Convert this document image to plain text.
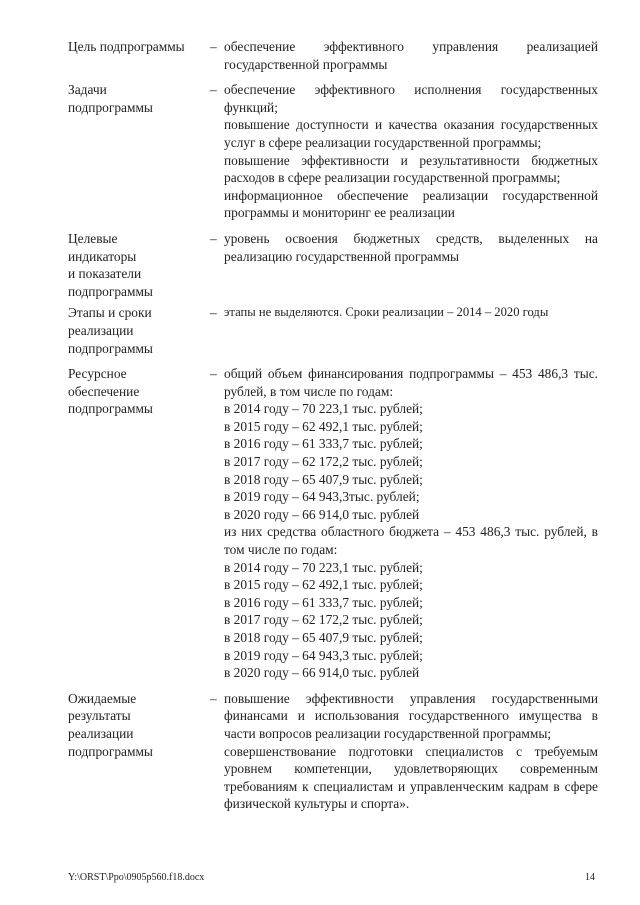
Цель подпрограммы	– обеспечение эффективного управления реализацией государственной программы
Задачи
подпрограммы
– обеспечение эффективного исполнения государственных функций;
повышение доступности и качества оказания государственных услуг в сфере реализации государственной программы;
повышение эффективности и результативности бюджетных расходов в сфере реализации государственной программы;
информационное обеспечение реализации государственной программы и мониторинг ее реализации
Целевые
индикаторы
и показатели
подпрограммы
– уровень освоения бюджетных средств, выделенных на реализацию государственной программы
Этапы и сроки
реализации
подпрограммы
– этапы не выделяются. Сроки реализации – 2014 – 2020 годы
Ресурсное
обеспечение
подпрограммы
– общий объем финансирования подпрограммы – 453 486,3 тыс. рублей, в том числе по годам:
в 2014 году – 70 223,1 тыс. рублей;
в 2015 году – 62 492,1 тыс. рублей;
в 2016 году – 61 333,7 тыс. рублей;
в 2017 году – 62 172,2 тыс. рублей;
в 2018 году – 65 407,9 тыс. рублей;
в 2019 году – 64 943,3тыс. рублей;
в 2020 году – 66 914,0 тыс. рублей
из них средства областного бюджета – 453 486,3 тыс. рублей, в том числе по годам:
в 2014 году – 70 223,1 тыс. рублей;
в 2015 году – 62 492,1 тыс. рублей;
в 2016 году – 61 333,7 тыс. рублей;
в 2017 году – 62 172,2 тыс. рублей;
в 2018 году – 65 407,9 тыс. рублей;
в 2019 году – 64 943,3 тыс. рублей;
в 2020 году – 66 914,0 тыс. рублей
Ожидаемые
результаты
реализации
подпрограммы
– повышение эффективности управления государственными финансами и использования государственного имущества в части вопросов реализации государственной программы;
совершенствование подготовки специалистов с требуемым уровнем компетенции, удовлетворяющих современным требованиям к специалистам и управленческим кадрам в сфере физической культуры и спорта».
Y:\ORST\Ppo\0905p560.f18.docx	14
